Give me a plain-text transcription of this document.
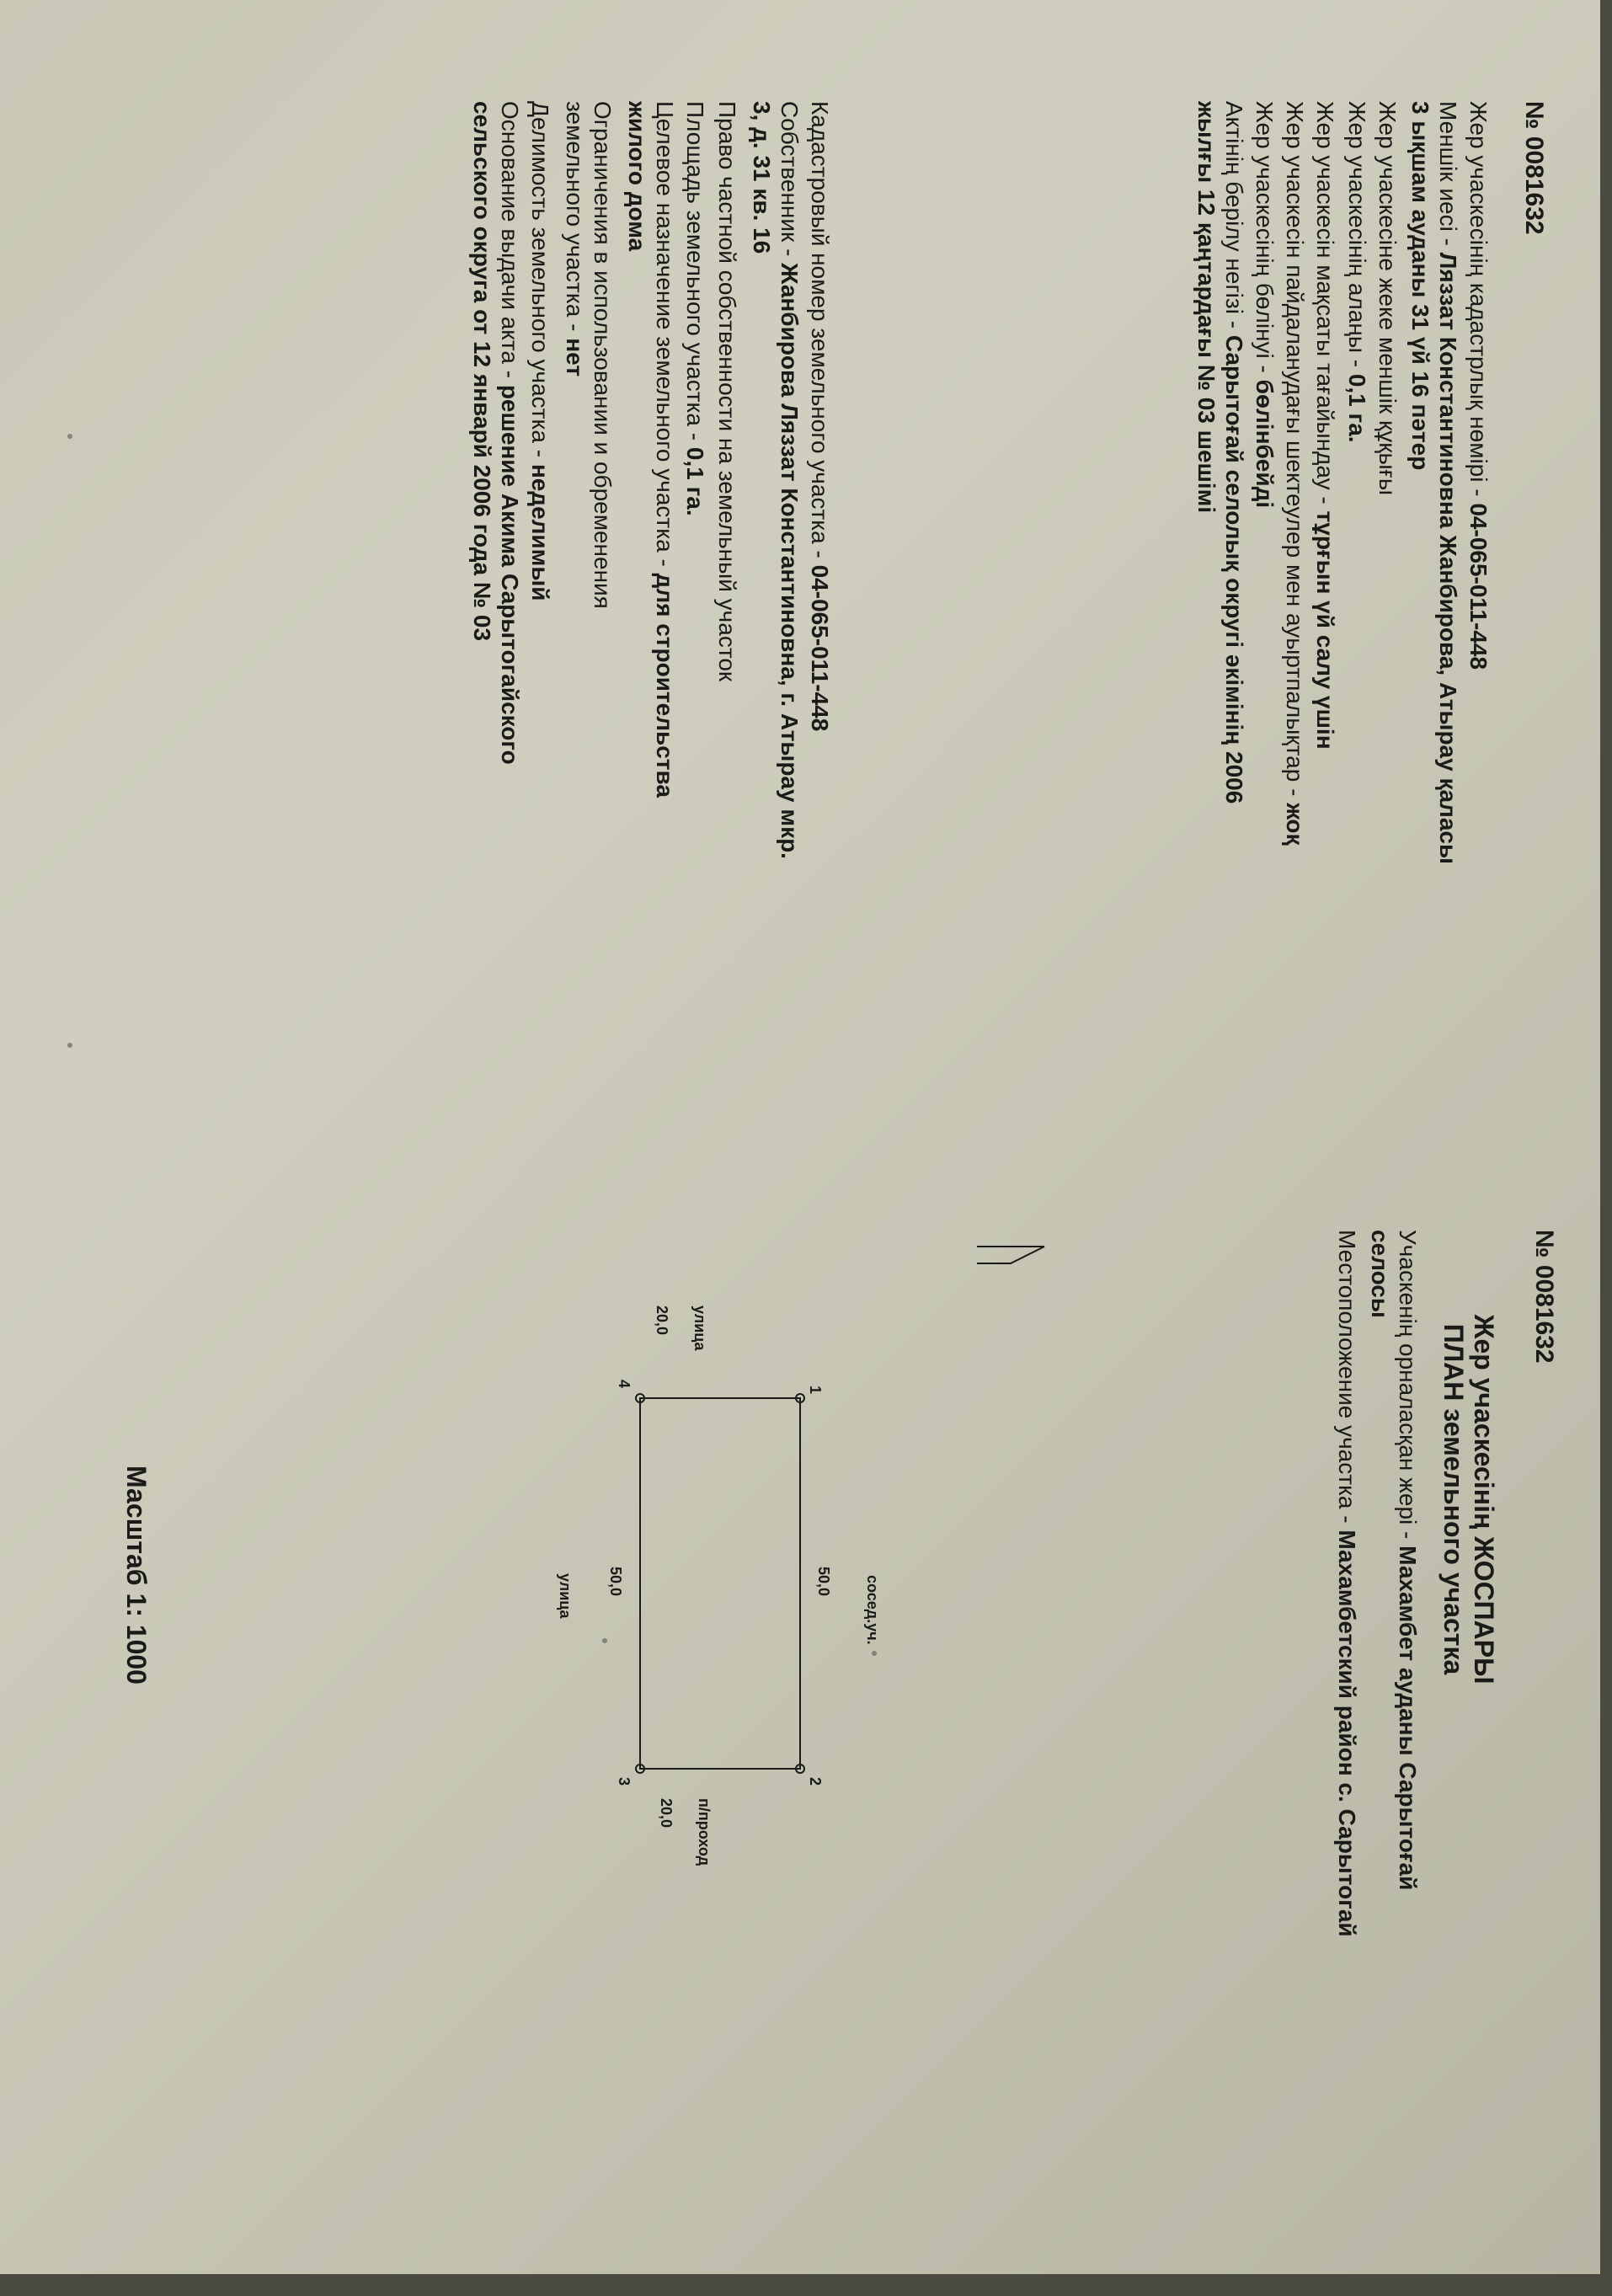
№ 0081632

Жер учаскесінің кадастрлық нөмірі - 04-065-011-448

Меншік иесі - Ляззат Константиновна Жанбирова, Атырау қаласы
3 ықшам ауданы 31 үй 16 пәтер

Жер учаскесіне жеке меншік құқығы

Жер учаскесінің алаңы - 0,1 га.

Жер учаскесін мақсаты тағайындау - тұрғын үй салу үшін

Жер учаскесін пайдаланудағы шектеулер мен ауыртпалықтар - жоқ

Жер учаскесінің бөлінуі - бөлінбейді

Актінің берілу негізі - Сарытоғай селолық округі әкімінің 2006
жылғы 12 қаңтардағы № 03 шешімі

Кадастровый номер земельного участка - 04-065-011-448

Собственник - Жанбирова Ляззат Константиновна, г. Атырау мкр.
3, д. 31 кв. 16

Право частной собственности на земельный участок

Площадь земельного участка - 0,1 га.

Целевое назначение земельного участка - для строительства
жилого дома

Ограничения в использовании и обременения земельного участка - нет

Делимость земельного участка - неделимый

Основание выдачи акта - решение Акима Сарытогайского
сельского округа от 12 январй 2006 года № 03

№ 0081632
Жер учаскесінің ЖОСПАРЫ
ПЛАН земельного участка

Учаскенің орналасқан жері - Махамбет ауданы Сарытоғай
селосы

Местоположение участка - Махамбетский район с. Сарытогай

1
2
3
4
50,0 сосед.уч.
50,0
улица
20,0 улица
20,0 п/проход
Масштаб 1: 1000
